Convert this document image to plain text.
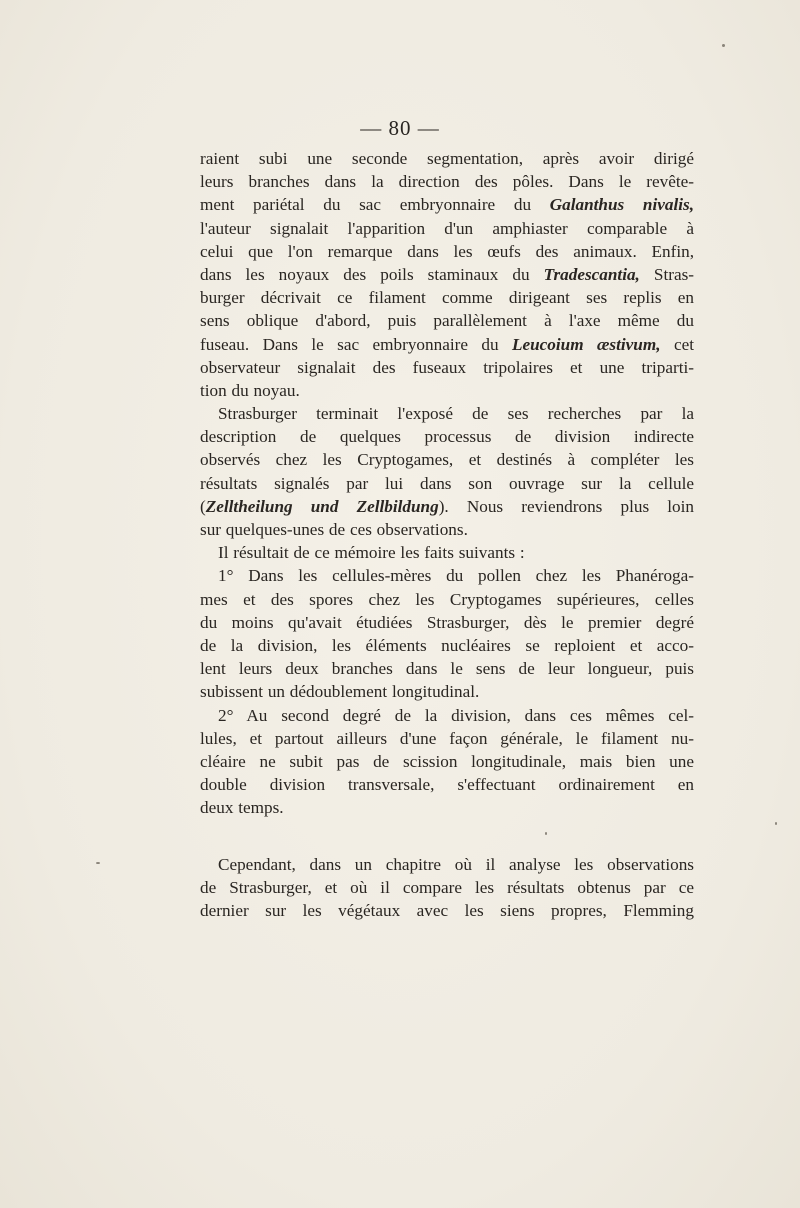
— 80 —
raient subi une seconde segmentation, après avoir dirigé
leurs branches dans la direction des pôles. Dans le revête-
ment pariétal du sac embryonnaire du Galanthus nivalis,
l'auteur signalait l'apparition d'un amphiaster comparable à
celui que l'on remarque dans les œufs des animaux. Enfin,
dans les noyaux des poils staminaux du Tradescantia, Stras-
burger décrivait ce filament comme dirigeant ses replis en
sens oblique d'abord, puis parallèlement à l'axe même du
fuseau. Dans le sac embryonnaire du Leucoium æstivum, cet
observateur signalait des fuseaux tripolaires et une triparti-
tion du noyau.
Strasburger terminait l'exposé de ses recherches par la
description de quelques processus de division indirecte
observés chez les Cryptogames, et destinés à compléter les
résultats signalés par lui dans son ouvrage sur la cellule
(Zelltheilung und Zellbildung). Nous reviendrons plus loin
sur quelques-unes de ces observations.
Il résultait de ce mémoire les faits suivants :
1° Dans les cellules-mères du pollen chez les Phanéroga-
mes et des spores chez les Cryptogames supérieures, celles
du moins qu'avait étudiées Strasburger, dès le premier degré
de la division, les éléments nucléaires se reploient et acco-
lent leurs deux branches dans le sens de leur longueur, puis
subissent un dédoublement longitudinal.
2° Au second degré de la division, dans ces mêmes cel-
lules, et partout ailleurs d'une façon générale, le filament nu-
cléaire ne subit pas de scission longitudinale, mais bien une
double division transversale, s'effectuant ordinairement en
deux temps.
Cependant, dans un chapitre où il analyse les observations
de Strasburger, et où il compare les résultats obtenus par ce
dernier sur les végétaux avec les siens propres, Flemming
